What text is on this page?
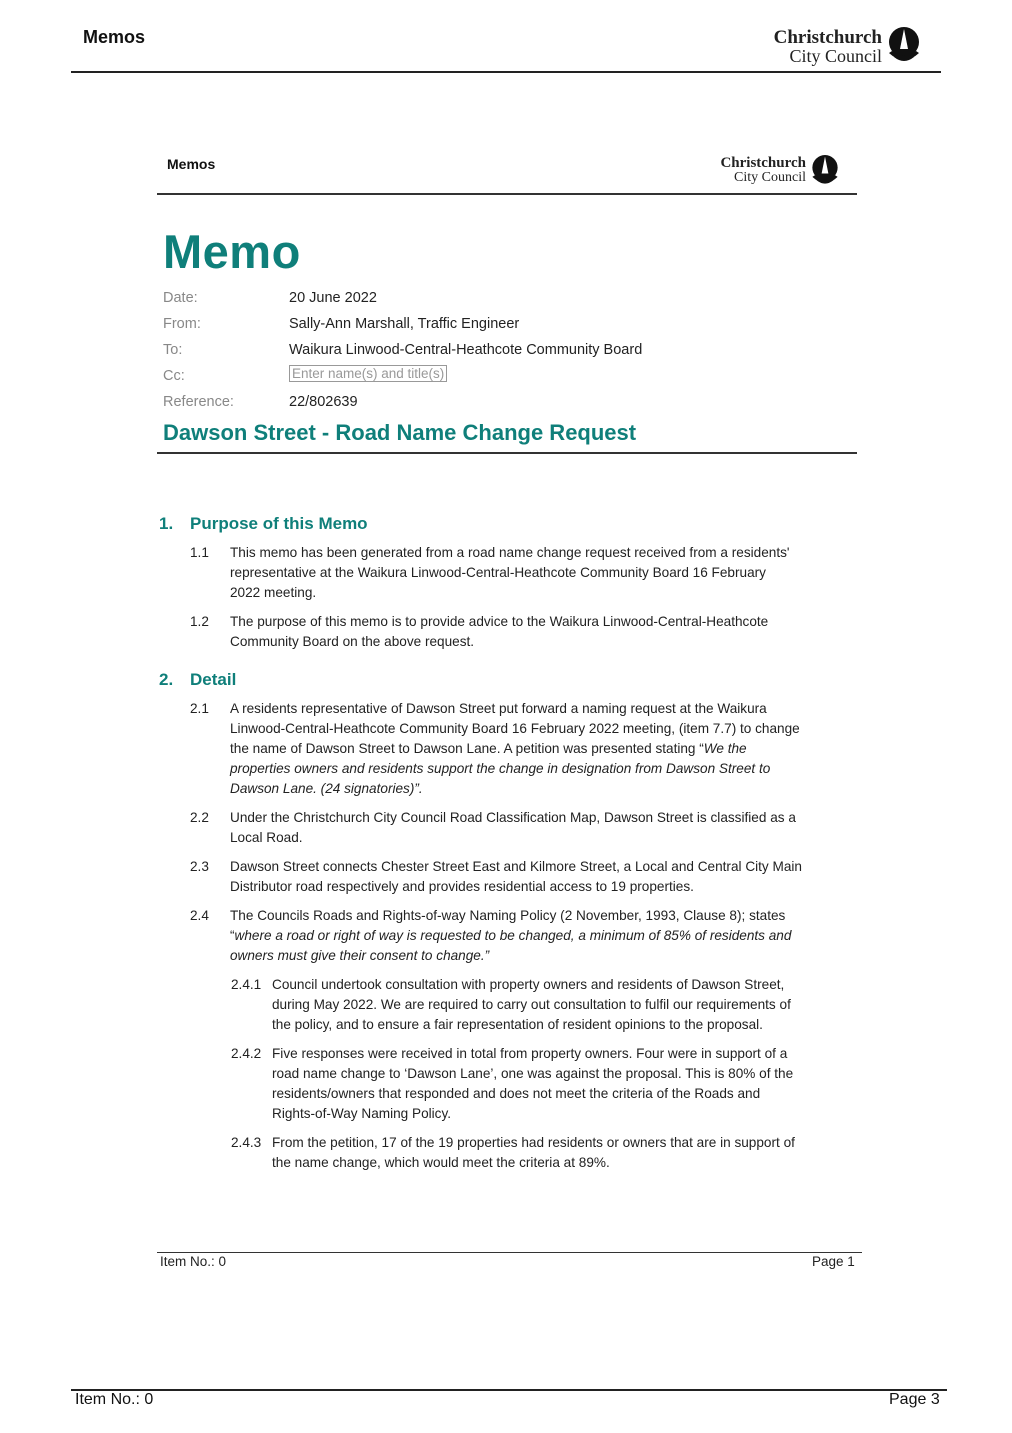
Memos	Christchurch
City Council
Memos	Christchurch
City Council
Memo
Date:	20 June 2022
From:	Sally-Ann Marshall, Traffic Engineer
To:	Waikura Linwood-Central-Heathcote Community Board
Cc:	Enter name(s) and title(s)
Reference:	22/802639
Dawson Street - Road Name Change Request
1. Purpose of this Memo
1.1 This memo has been generated from a road name change request received from a residents'
representative at the Waikura Linwood-Central-Heathcote Community Board 16 February
2022 meeting.
1.2 The purpose of this memo is to provide advice to the Waikura Linwood-Central-Heathcote
Community Board on the above request.
2. Detail
2.1 A residents representative of Dawson Street put forward a naming request at the Waikura
Linwood-Central-Heathcote Community Board 16 February 2022 meeting, (item 7.7) to change
the name of Dawson Street to Dawson Lane. A petition was presented stating “We the
properties owners and residents support the change in designation from Dawson Street to
Dawson Lane. (24 signatories)”.
2.2 Under the Christchurch City Council Road Classification Map, Dawson Street is classified as a
Local Road.
2.3 Dawson Street connects Chester Street East and Kilmore Street, a Local and Central City Main
Distributor road respectively and provides residential access to 19 properties.
2.4 The Councils Roads and Rights-of-way Naming Policy (2 November, 1993, Clause 8); states
“where a road or right of way is requested to be changed, a minimum of 85% of residents and
owners must give their consent to change.”
2.4.1 Council undertook consultation with property owners and residents of Dawson Street,
during May 2022. We are required to carry out consultation to fulfil our requirements of
the policy, and to ensure a fair representation of resident opinions to the proposal.
2.4.2 Five responses were received in total from property owners. Four were in support of a
road name change to ‘Dawson Lane’, one was against the proposal. This is 80% of the
residents/owners that responded and does not meet the criteria of the Roads and
Rights-of-Way Naming Policy.
2.4.3 From the petition, 17 of the 19 properties had residents or owners that are in support of
the name change, which would meet the criteria at 89%.
Item No.: 0	Page 1
Item No.: 0	Page 3
